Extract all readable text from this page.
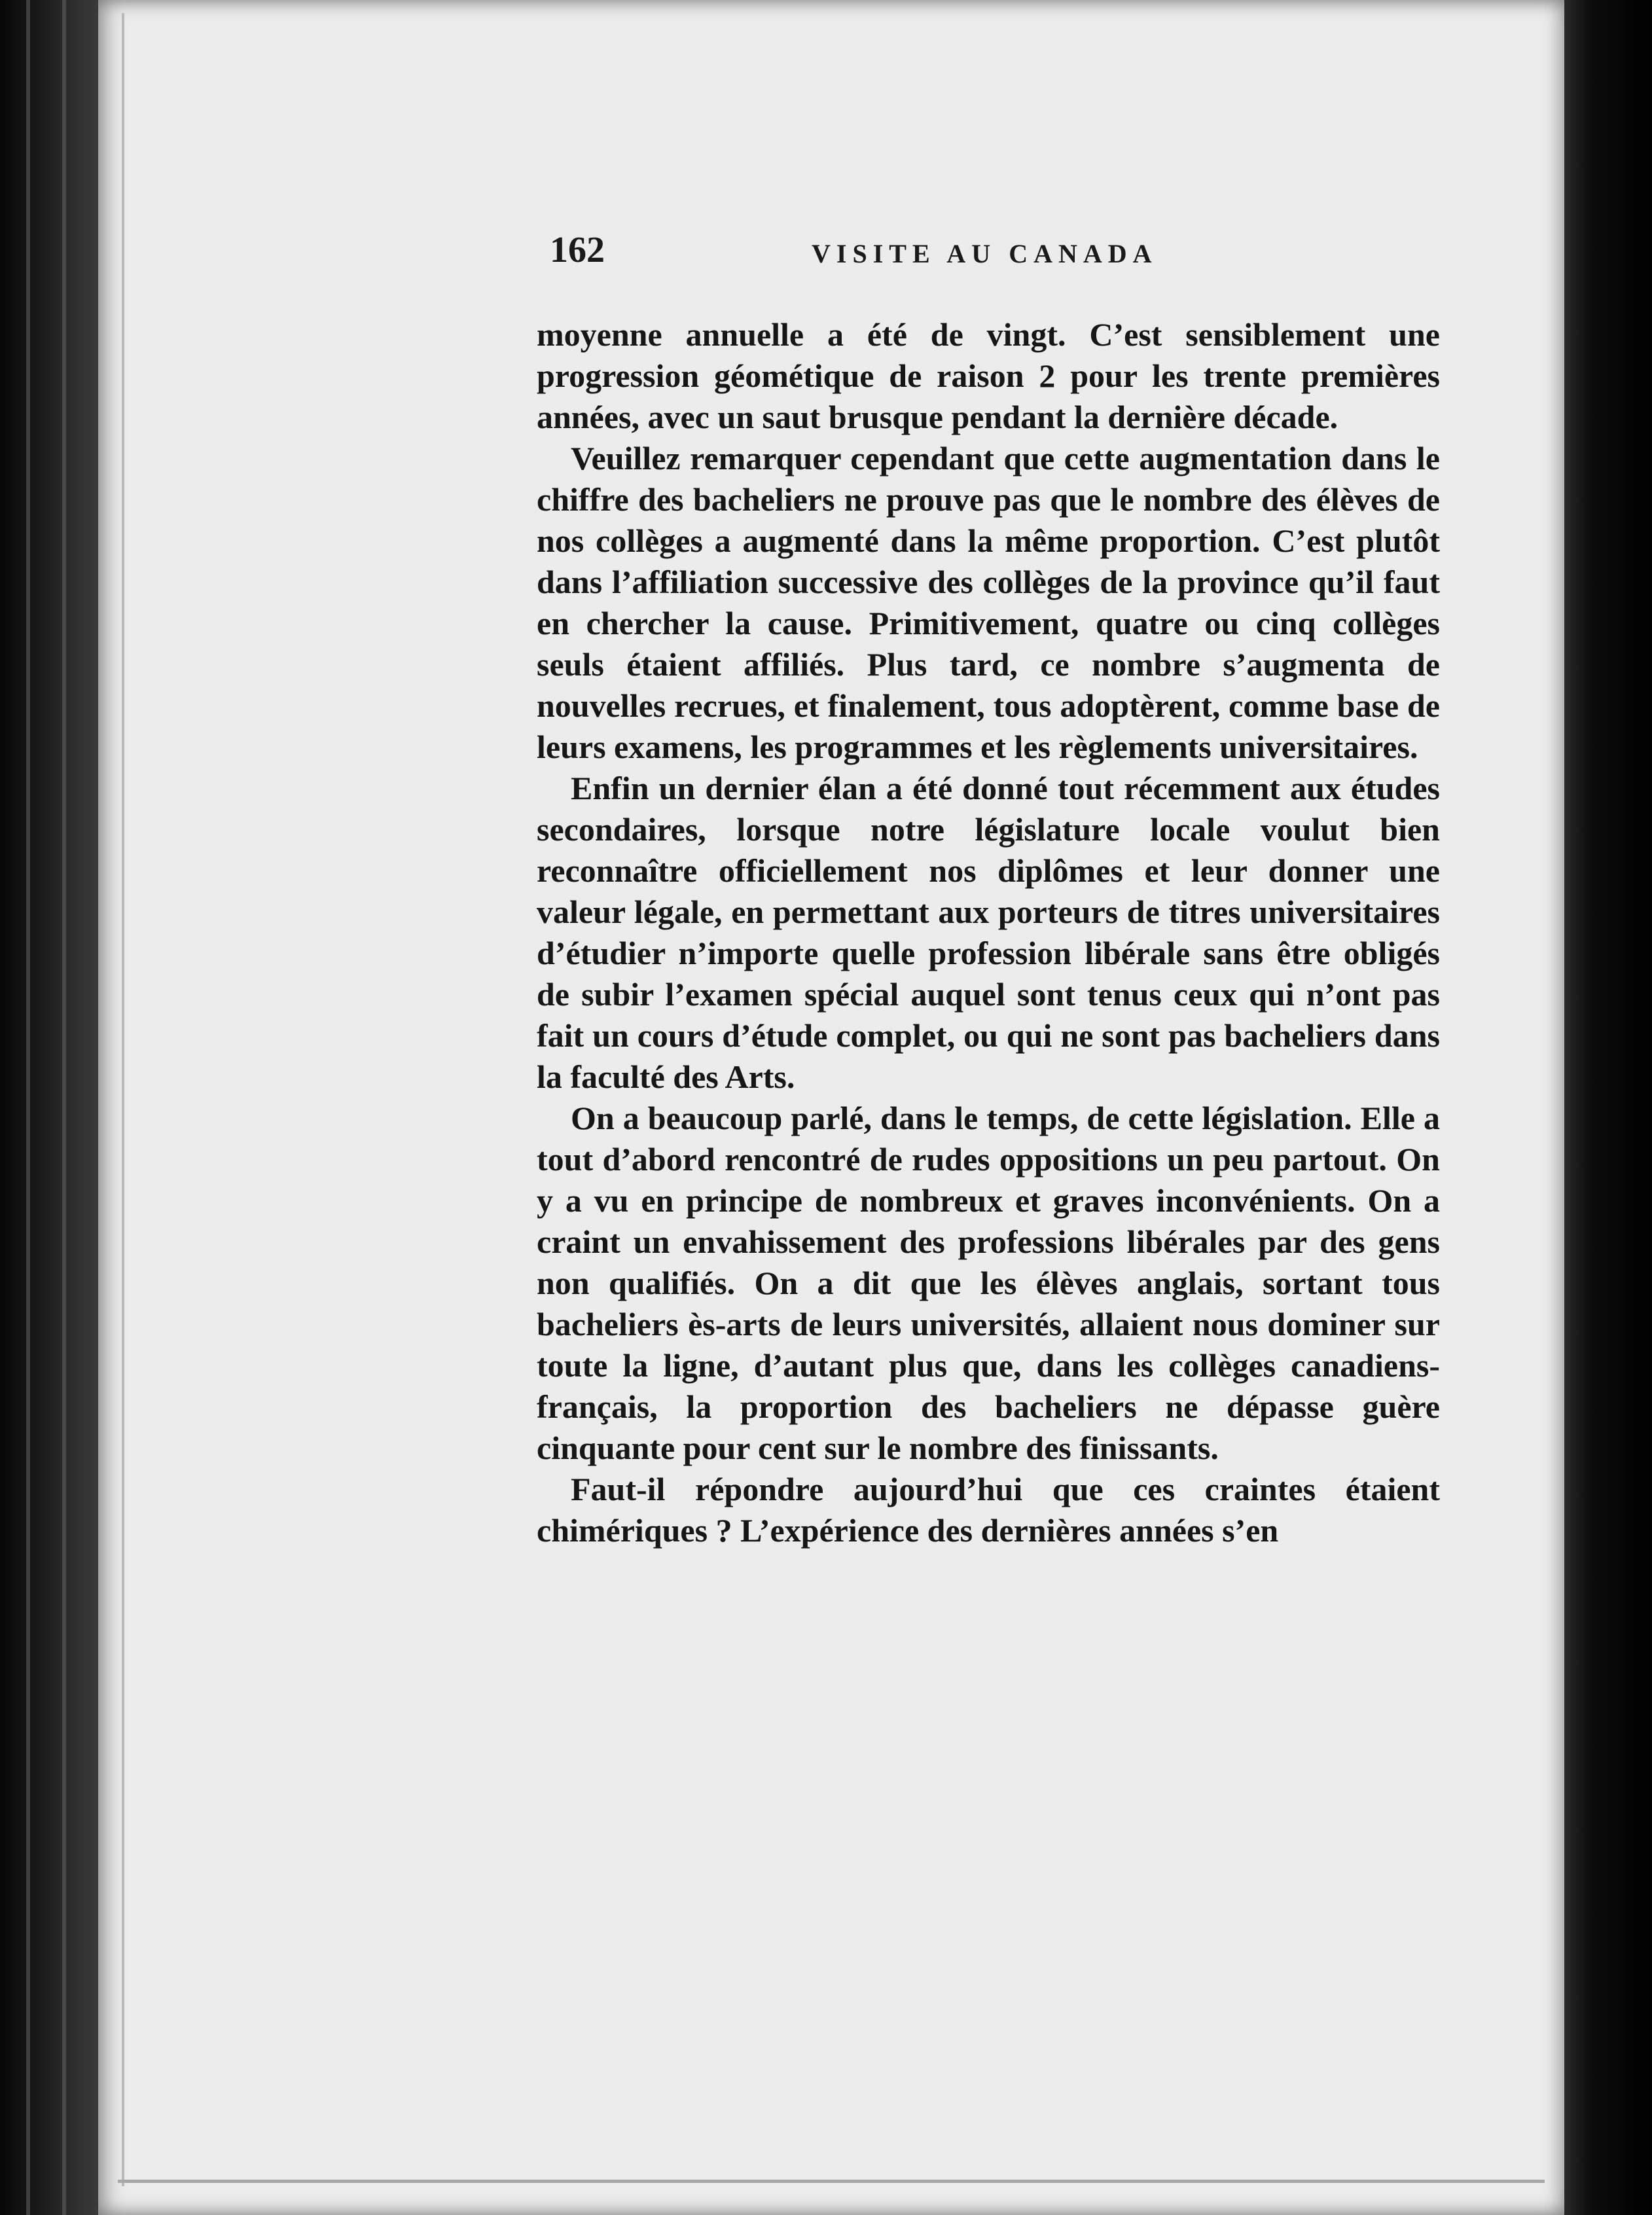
162	VISITE AU CANADA

moyenne annuelle a été de vingt. C’est sensiblement une progression géométique de raison 2 pour les trente premières années, avec un saut brusque pendant la dernière décade.

Veuillez remarquer cependant que cette augmentation dans le chiffre des bacheliers ne prouve pas que le nombre des élèves de nos collèges a augmenté dans la même proportion. C’est plutôt dans l’affiliation successive des collèges de la province qu’il faut en chercher la cause. Primitivement, quatre ou cinq collèges seuls étaient affiliés. Plus tard, ce nombre s’augmenta de nouvelles recrues, et finalement, tous adoptèrent, comme base de leurs examens, les programmes et les règlements universitaires.

Enfin un dernier élan a été donné tout récemment aux études secondaires, lorsque notre législature locale voulut bien reconnaître officiellement nos diplômes et leur donner une valeur légale, en permettant aux porteurs de titres universitaires d’étudier n’importe quelle profession libérale sans être obligés de subir l’examen spécial auquel sont tenus ceux qui n’ont pas fait un cours d’étude complet, ou qui ne sont pas bacheliers dans la faculté des Arts.

On a beaucoup parlé, dans le temps, de cette législation. Elle a tout d’abord rencontré de rudes oppositions un peu partout. On y a vu en principe de nombreux et graves inconvénients. On a craint un envahissement des professions libérales par des gens non qualifiés. On a dit que les élèves anglais, sortant tous bacheliers ès-arts de leurs universités, allaient nous dominer sur toute la ligne, d’autant plus que, dans les collèges canadiens-français, la proportion des bacheliers ne dépasse guère cinquante pour cent sur le nombre des finissants.

Faut-il répondre aujourd’hui que ces craintes étaient chimériques ? L’expérience des dernières années s’en
